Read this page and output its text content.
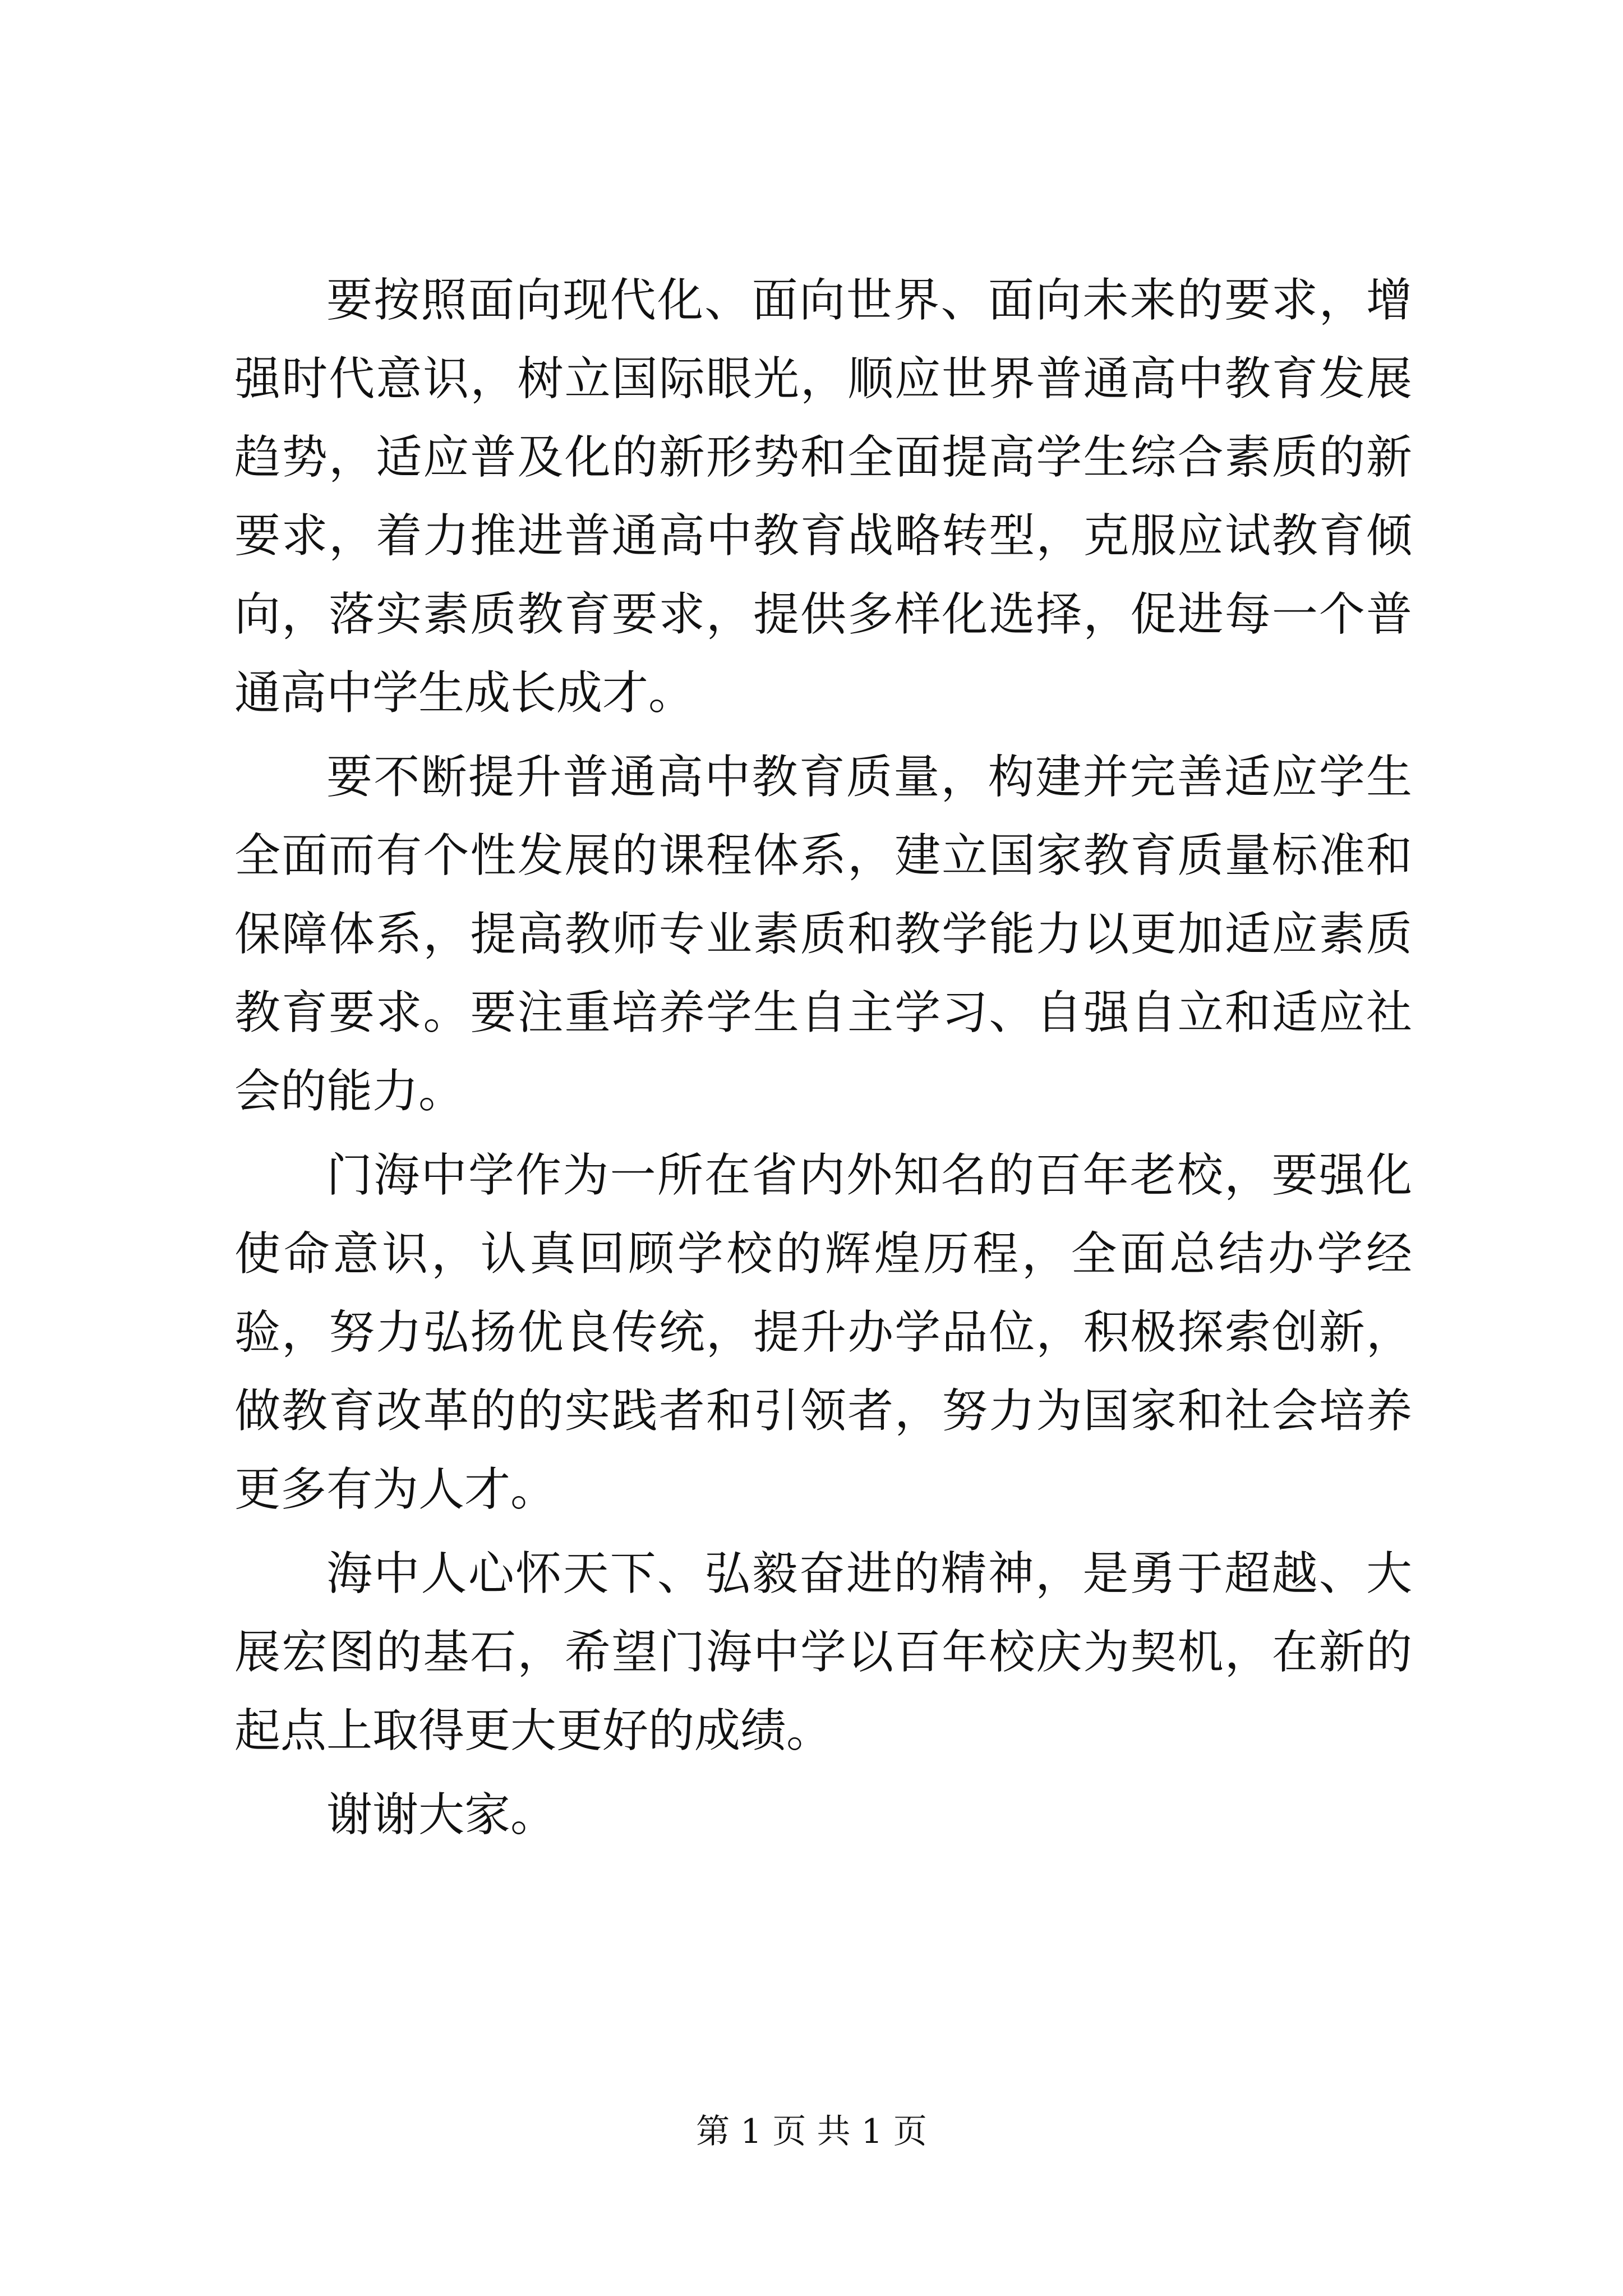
要按照面向现代化、面向世界、面向未来的要求，增强时代意识，树立国际眼光，顺应世界普通高中教育发展趋势，适应普及化的新形势和全面提高学生综合素质的新要求，着力推进普通高中教育战略转型，克服应试教育倾向，落实素质教育要求，提供多样化选择，促进每一个普通高中学生成长成才。

要不断提升普通高中教育质量，构建并完善适应学生全面而有个性发展的课程体系，建立国家教育质量标准和保障体系，提高教师专业素质和教学能力以更加适应素质教育要求。要注重培养学生自主学习、自强自立和适应社会的能力。

门海中学作为一所在省内外知名的百年老校，要强化使命意识，认真回顾学校的辉煌历程，全面总结办学经验，努力弘扬优良传统，提升办学品位，积极探索创新，做教育改革的的实践者和引领者，努力为国家和社会培养更多有为人才。

海中人心怀天下、弘毅奋进的精神，是勇于超越、大展宏图的基石，希望门海中学以百年校庆为契机，在新的起点上取得更大更好的成绩。

谢谢大家。

第 1 页 共 1 页
